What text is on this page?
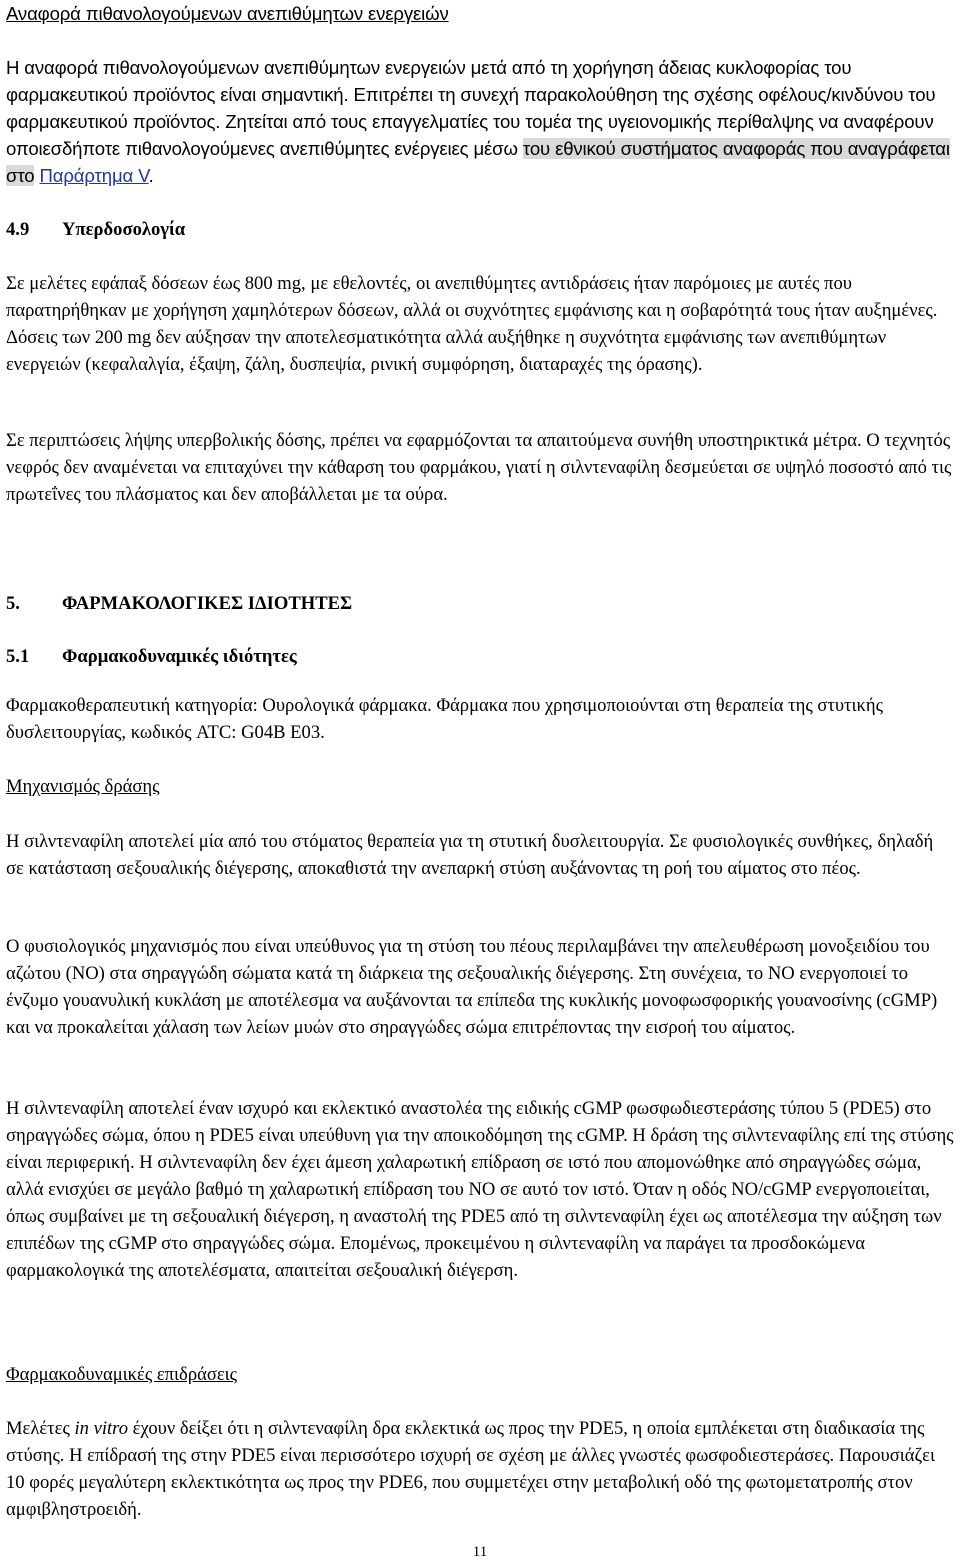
Αναφορά πιθανολογούμενων ανεπιθύμητων ενεργειών

Η αναφορά πιθανολογούμενων ανεπιθύμητων ενεργειών μετά από τη χορήγηση άδειας κυκλοφορίας του φαρμακευτικού προϊόντος είναι σημαντική. Επιτρέπει τη συνεχή παρακολούθηση της σχέσης οφέλους/κινδύνου του φαρμακευτικού προϊόντος. Ζητείται από τους επαγγελματίες του τομέα της υγειονομικής περίθαλψης να αναφέρουν οποιεσδήποτε πιθανολογούμενες ανεπιθύμητες ενέργειες μέσω του εθνικού συστήματος αναφοράς που αναγράφεται στο Παράρτημα V.

4.9 Υπερδοσολογία

Σε μελέτες εφάπαξ δόσεων έως 800 mg, με εθελοντές, οι ανεπιθύμητες αντιδράσεις ήταν παρόμοιες με αυτές που παρατηρήθηκαν με χορήγηση χαμηλότερων δόσεων, αλλά οι συχνότητες εμφάνισης και η σοβαρότητά τους ήταν αυξημένες. Δόσεις των 200 mg δεν αύξησαν την αποτελεσματικότητα αλλά αυξήθηκε η συχνότητα εμφάνισης των ανεπιθύμητων ενεργειών (κεφαλαλγία, έξαψη, ζάλη, δυσπεψία, ρινική συμφόρηση, διαταραχές της όρασης).

Σε περιπτώσεις λήψης υπερβολικής δόσης, πρέπει να εφαρμόζονται τα απαιτούμενα συνήθη υποστηρικτικά μέτρα. Ο τεχνητός νεφρός δεν αναμένεται να επιταχύνει την κάθαρση του φαρμάκου, γιατί η σιλντεναφίλη δεσμεύεται σε υψηλό ποσοστό από τις πρωτεΐνες του πλάσματος και δεν αποβάλλεται με τα ούρα.

5. ΦΑΡΜΑΚΟΛΟΓΙΚΕΣ ΙΔΙΟΤΗΤΕΣ
5.1 Φαρμακοδυναμικές ιδιότητες

Φαρμακοθεραπευτική κατηγορία: Ουρολογικά φάρμακα. Φάρμακα που χρησιμοποιούνται στη θεραπεία της στυτικής δυσλειτουργίας, κωδικός ATC: G04B E03.

Μηχανισμός δράσης

Η σιλντεναφίλη αποτελεί μία από του στόματος θεραπεία για τη στυτική δυσλειτουργία. Σε φυσιολογικές συνθήκες, δηλαδή σε κατάσταση σεξουαλικής διέγερσης, αποκαθιστά την ανεπαρκή στύση αυξάνοντας τη ροή του αίματος στο πέος.

Ο φυσιολογικός μηχανισμός που είναι υπεύθυνος για τη στύση του πέους περιλαμβάνει την απελευθέρωση μονοξειδίου του αζώτου (NO) στα σηραγγώδη σώματα κατά τη διάρκεια της σεξουαλικής διέγερσης. Στη συνέχεια, το NO ενεργοποιεί το ένζυμο γουανυλική κυκλάση με αποτέλεσμα να αυξάνονται τα επίπεδα της κυκλικής μονοφωσφορικής γουανοσίνης (cGMP) και να προκαλείται χάλαση των λείων μυών στο σηραγγώδες σώμα επιτρέποντας την εισροή του αίματος.

Η σιλντεναφίλη αποτελεί έναν ισχυρό και εκλεκτικό αναστολέα της ειδικής cGMP φωσφωδιεστεράσης τύπου 5 (PDE5) στο σηραγγώδες σώμα, όπου η PDE5 είναι υπεύθυνη για την αποικοδόμηση της cGMP. Η δράση της σιλντεναφίλης επί της στύσης είναι περιφερική. Η σιλντεναφίλη δεν έχει άμεση χαλαρωτική επίδραση σε ιστό που απομονώθηκε από σηραγγώδες σώμα, αλλά ενισχύει σε μεγάλο βαθμό τη χαλαρωτική επίδραση του NO σε αυτό τον ιστό. Όταν η οδός NO/cGMP ενεργοποιείται, όπως συμβαίνει με τη σεξουαλική διέγερση, η αναστολή της PDE5 από τη σιλντεναφίλη έχει ως αποτέλεσμα την αύξηση των επιπέδων της cGMP στο σηραγγώδες σώμα. Επομένως, προκειμένου η σιλντεναφίλη να παράγει τα προσδοκώμενα φαρμακολογικά της αποτελέσματα, απαιτείται σεξουαλική διέγερση.

Φαρμακοδυναμικές επιδράσεις

Μελέτες in vitro έχουν δείξει ότι η σιλντεναφίλη δρα εκλεκτικά ως προς την PDE5, η οποία εμπλέκεται στη διαδικασία της στύσης. Η επίδρασή της στην PDE5 είναι περισσότερο ισχυρή σε σχέση με άλλες γνωστές φωσφοδιεστεράσες. Παρουσιάζει 10 φορές μεγαλύτερη εκλεκτικότητα ως προς την PDE6, που συμμετέχει στην μεταβολική οδό της φωτομετατροπής στον αμφιβληστροειδή.

11
